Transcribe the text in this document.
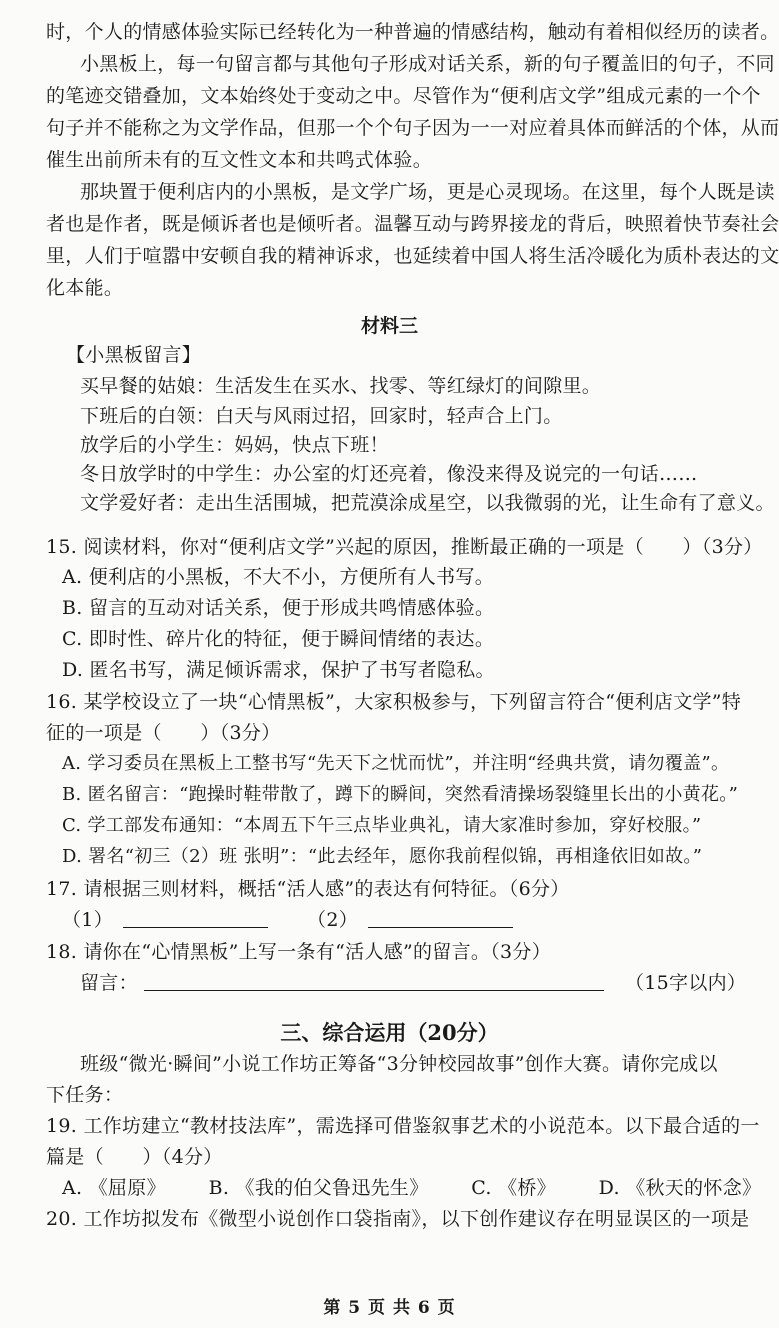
时，个人的情感体验实际已经转化为一种普遍的情感结构，触动有着相似经历的读者。
小黑板上，每一句留言都与其他句子形成对话关系，新的句子覆盖旧的句子，不同
的笔迹交错叠加，文本始终处于变动之中。尽管作为“便利店文学”组成元素的一个个
句子并不能称之为文学作品，但那一个个句子因为一一对应着具体而鲜活的个体，从而
催生出前所未有的互文性文本和共鸣式体验。
那块置于便利店内的小黑板，是文学广场，更是心灵现场。在这里，每个人既是读
者也是作者，既是倾诉者也是倾听者。温馨互动与跨界接龙的背后，映照着快节奏社会
里，人们于喧嚣中安顿自我的精神诉求，也延续着中国人将生活冷暖化为质朴表达的文
化本能。
材料三
【小黑板留言】
买早餐的姑娘：生活发生在买水、找零、等红绿灯的间隙里。
下班后的白领：白天与风雨过招，回家时，轻声合上门。
放学后的小学生：妈妈，快点下班！
冬日放学时的中学生：办公室的灯还亮着，像没来得及说完的一句话……
文学爱好者：走出生活围城，把荒漠涂成星空，以我微弱的光，让生命有了意义。
15. 阅读材料，你对“便利店文学”兴起的原因，推断最正确的一项是（　　）（3分）
A. 便利店的小黑板，不大不小，方便所有人书写。
B. 留言的互动对话关系，便于形成共鸣情感体验。
C. 即时性、碎片化的特征，便于瞬间情绪的表达。
D. 匿名书写，满足倾诉需求，保护了书写者隐私。
16. 某学校设立了一块“心情黑板”，大家积极参与，下列留言符合“便利店文学”特
征的一项是（　　）（3分）
A. 学习委员在黑板上工整书写“先天下之忧而忧”，并注明“经典共赏，请勿覆盖”。
B. 匿名留言：“跑操时鞋带散了，蹲下的瞬间，突然看清操场裂缝里长出的小黄花。”
C. 学工部发布通知：“本周五下午三点毕业典礼，请大家准时参加，穿好校服。”
D. 署名“初三（2）班 张明”：“此去经年，愿你我前程似锦，再相逢依旧如故。”
17. 请根据三则材料，概括“活人感”的表达有何特征。（6分）
（1）	（2）
18. 请你在“心情黑板”上写一条有“活人感”的留言。（3分）
留言：	（15字以内）
三、综合运用（20分）
班级“微光·瞬间”小说工作坊正筹备“3分钟校园故事”创作大赛。请你完成以
下任务：
19. 工作坊建立“教材技法库”，需选择可借鉴叙事艺术的小说范本。以下最合适的一
篇是（　　）（4分）
A. 《屈原》 B. 《我的伯父鲁迅先生》 C. 《桥》 D. 《秋天的怀念》
20. 工作坊拟发布《微型小说创作口袋指南》，以下创作建议存在明显误区的一项是
第 5 页 共 6 页
